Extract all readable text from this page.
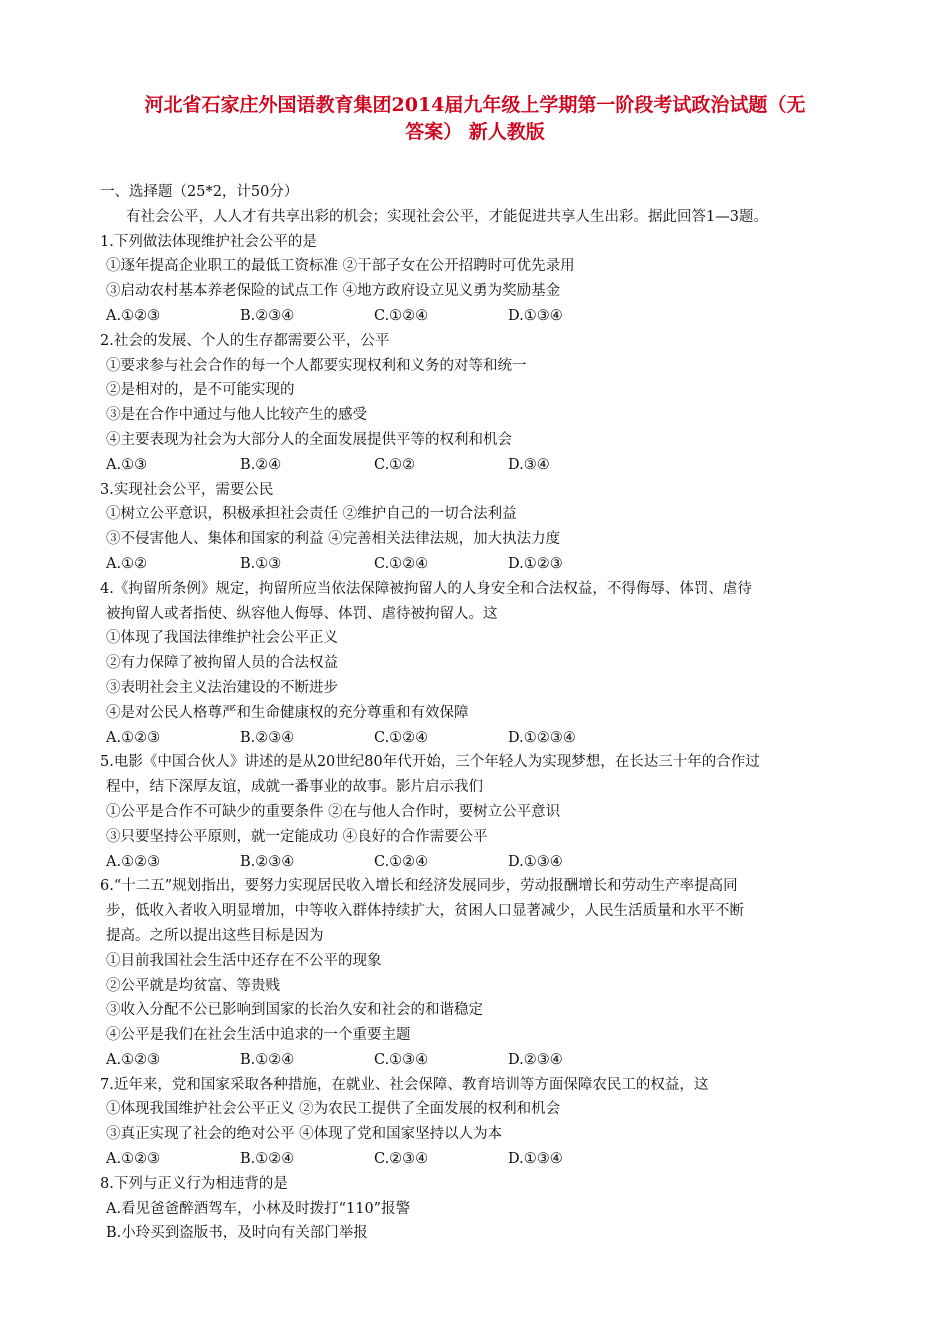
河北省石家庄外国语教育集团2014届九年级上学期第一阶段考试政治试题（无
答案） 新人教版
一、选择题（25*2，计50分）
有社会公平，人人才有共享出彩的机会；实现社会公平，才能促进共享人生出彩。据此回答1—3题。
1.下列做法体现维护社会公平的是
①逐年提高企业职工的最低工资标准 ②干部子女在公开招聘时可优先录用
③启动农村基本养老保险的试点工作 ④地方政府设立见义勇为奖励基金
A.①②③	B.②③④	C.①②④	D.①③④
2.社会的发展、个人的生存都需要公平，公平
①要求参与社会合作的每一个人都要实现权利和义务的对等和统一
②是相对的，是不可能实现的
③是在合作中通过与他人比较产生的感受
④主要表现为社会为大部分人的全面发展提供平等的权利和机会
A.①③	B.②④	C.①②	D.③④
3.实现社会公平，需要公民
①树立公平意识，积极承担社会责任 ②维护自己的一切合法利益
③不侵害他人、集体和国家的利益 ④完善相关法律法规，加大执法力度
A.①②	B.①③	C.①②④	D.①②③
4.《拘留所条例》规定，拘留所应当依法保障被拘留人的人身安全和合法权益，不得侮辱、体罚、虐待
被拘留人或者指使、纵容他人侮辱、体罚、虐待被拘留人。这
①体现了我国法律维护社会公平正义
②有力保障了被拘留人员的合法权益
③表明社会主义法治建设的不断进步
④是对公民人格尊严和生命健康权的充分尊重和有效保障
A.①②③	B.②③④	C.①②④	D.①②③④
5.电影《中国合伙人》讲述的是从20世纪80年代开始，三个年轻人为实现梦想，在长达三十年的合作过
程中，结下深厚友谊，成就一番事业的故事。影片启示我们
①公平是合作不可缺少的重要条件 ②在与他人合作时，要树立公平意识
③只要坚持公平原则，就一定能成功 ④良好的合作需要公平
A.①②③	B.②③④	C.①②④	D.①③④
6.“十二五”规划指出，要努力实现居民收入增长和经济发展同步，劳动报酬增长和劳动生产率提高同
步，低收入者收入明显增加，中等收入群体持续扩大，贫困人口显著减少，人民生活质量和水平不断
提高。之所以提出这些目标是因为
①目前我国社会生活中还存在不公平的现象
②公平就是均贫富、等贵贱
③收入分配不公已影响到国家的长治久安和社会的和谐稳定
④公平是我们在社会生活中追求的一个重要主题
A.①②③	B.①②④	C.①③④	D.②③④
7.近年来，党和国家采取各种措施，在就业、社会保障、教育培训等方面保障农民工的权益，这
①体现我国维护社会公平正义 ②为农民工提供了全面发展的权利和机会
③真正实现了社会的绝对公平 ④体现了党和国家坚持以人为本
A.①②③	B.①②④	C.②③④	D.①③④
8.下列与正义行为相违背的是
A.看见爸爸醉酒驾车，小林及时拨打“110”报警
B.小玲买到盗版书，及时向有关部门举报
